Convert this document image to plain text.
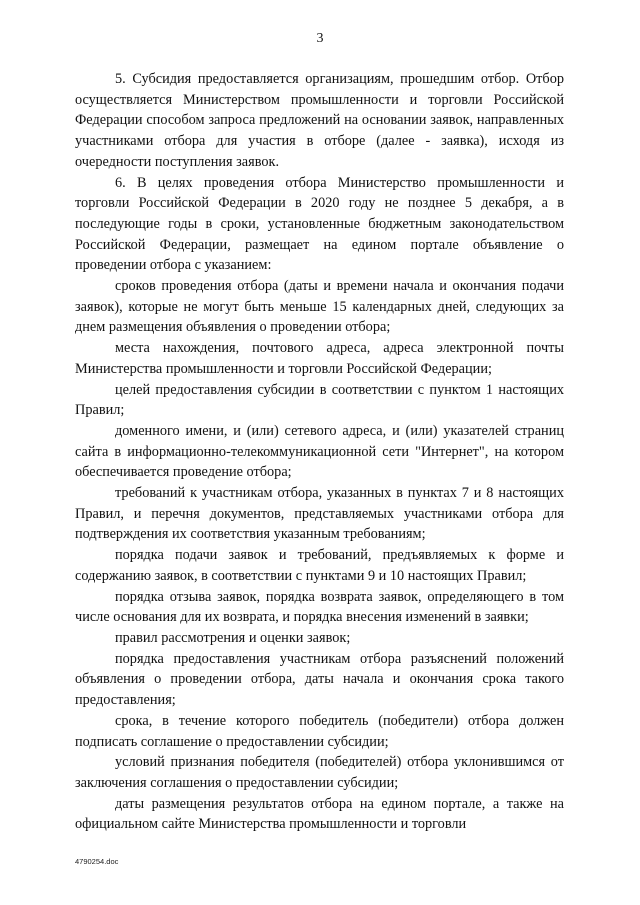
3

5. Субсидия предоставляется организациям, прошедшим отбор. Отбор осуществляется Министерством промышленности и торговли Российской Федерации способом запроса предложений на основании заявок, направленных участниками отбора для участия в отборе (далее - заявка), исходя из очередности поступления заявок.

6. В целях проведения отбора Министерство промышленности и торговли Российской Федерации в 2020 году не позднее 5 декабря, а в последующие годы в сроки, установленные бюджетным законодательством Российской Федерации, размещает на едином портале объявление о проведении отбора с указанием:

сроков проведения отбора (даты и времени начала и окончания подачи заявок), которые не могут быть меньше 15 календарных дней, следующих за днем размещения объявления о проведении отбора;

места нахождения, почтового адреса, адреса электронной почты Министерства промышленности и торговли Российской Федерации;

целей предоставления субсидии в соответствии с пунктом 1 настоящих Правил;

доменного имени, и (или) сетевого адреса, и (или) указателей страниц сайта в информационно-телекоммуникационной сети "Интернет", на котором обеспечивается проведение отбора;

требований к участникам отбора, указанных в пунктах 7 и 8 настоящих Правил, и перечня документов, представляемых участниками отбора для подтверждения их соответствия указанным требованиям;

порядка подачи заявок и требований, предъявляемых к форме и содержанию заявок, в соответствии с пунктами 9 и 10 настоящих Правил;

порядка отзыва заявок, порядка возврата заявок, определяющего в том числе основания для их возврата, и порядка внесения изменений в заявки;

правил рассмотрения и оценки заявок;

порядка предоставления участникам отбора разъяснений положений объявления о проведении отбора, даты начала и окончания срока такого предоставления;

срока, в течение которого победитель (победители) отбора должен подписать соглашение о предоставлении субсидии;

условий признания победителя (победителей) отбора уклонившимся от заключения соглашения о предоставлении субсидии;

даты размещения результатов отбора на едином портале, а также на официальном сайте Министерства промышленности и торговли

4790254.doc
